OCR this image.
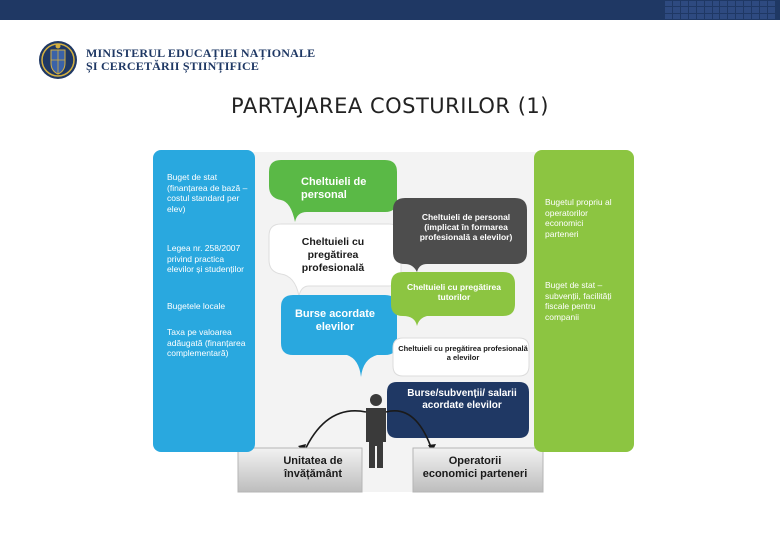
MINISTERUL EDUCAȚIEI NAȚIONALE
ȘI CERCETĂRII ȘTIINȚIFICE
PARTAJAREA COSTURILOR (1)
Buget de stat (finanțarea de bază –costul standard per elev)
Legea nr. 258/2007 privind practica elevilor și studenților
Bugetele locale
Taxa pe valoarea adăugată (finanțarea complementară)
Bugetul propriu al operatorilor economici parteneri
Buget de stat – subvenții, facilități fiscale pentru companii
Cheltuieli de personal
Cheltuieli cu pregătirea profesională
Burse acordate elevilor
Cheltuieli de personal (implicat în formarea profesională a elevilor)
Cheltuieli cu pregătirea tutorilor
Cheltuieli cu pregătirea profesională a elevilor
Burse/subvenții/ salarii acordate elevilor
Unitatea de învățământ
Operatorii economici parteneri
